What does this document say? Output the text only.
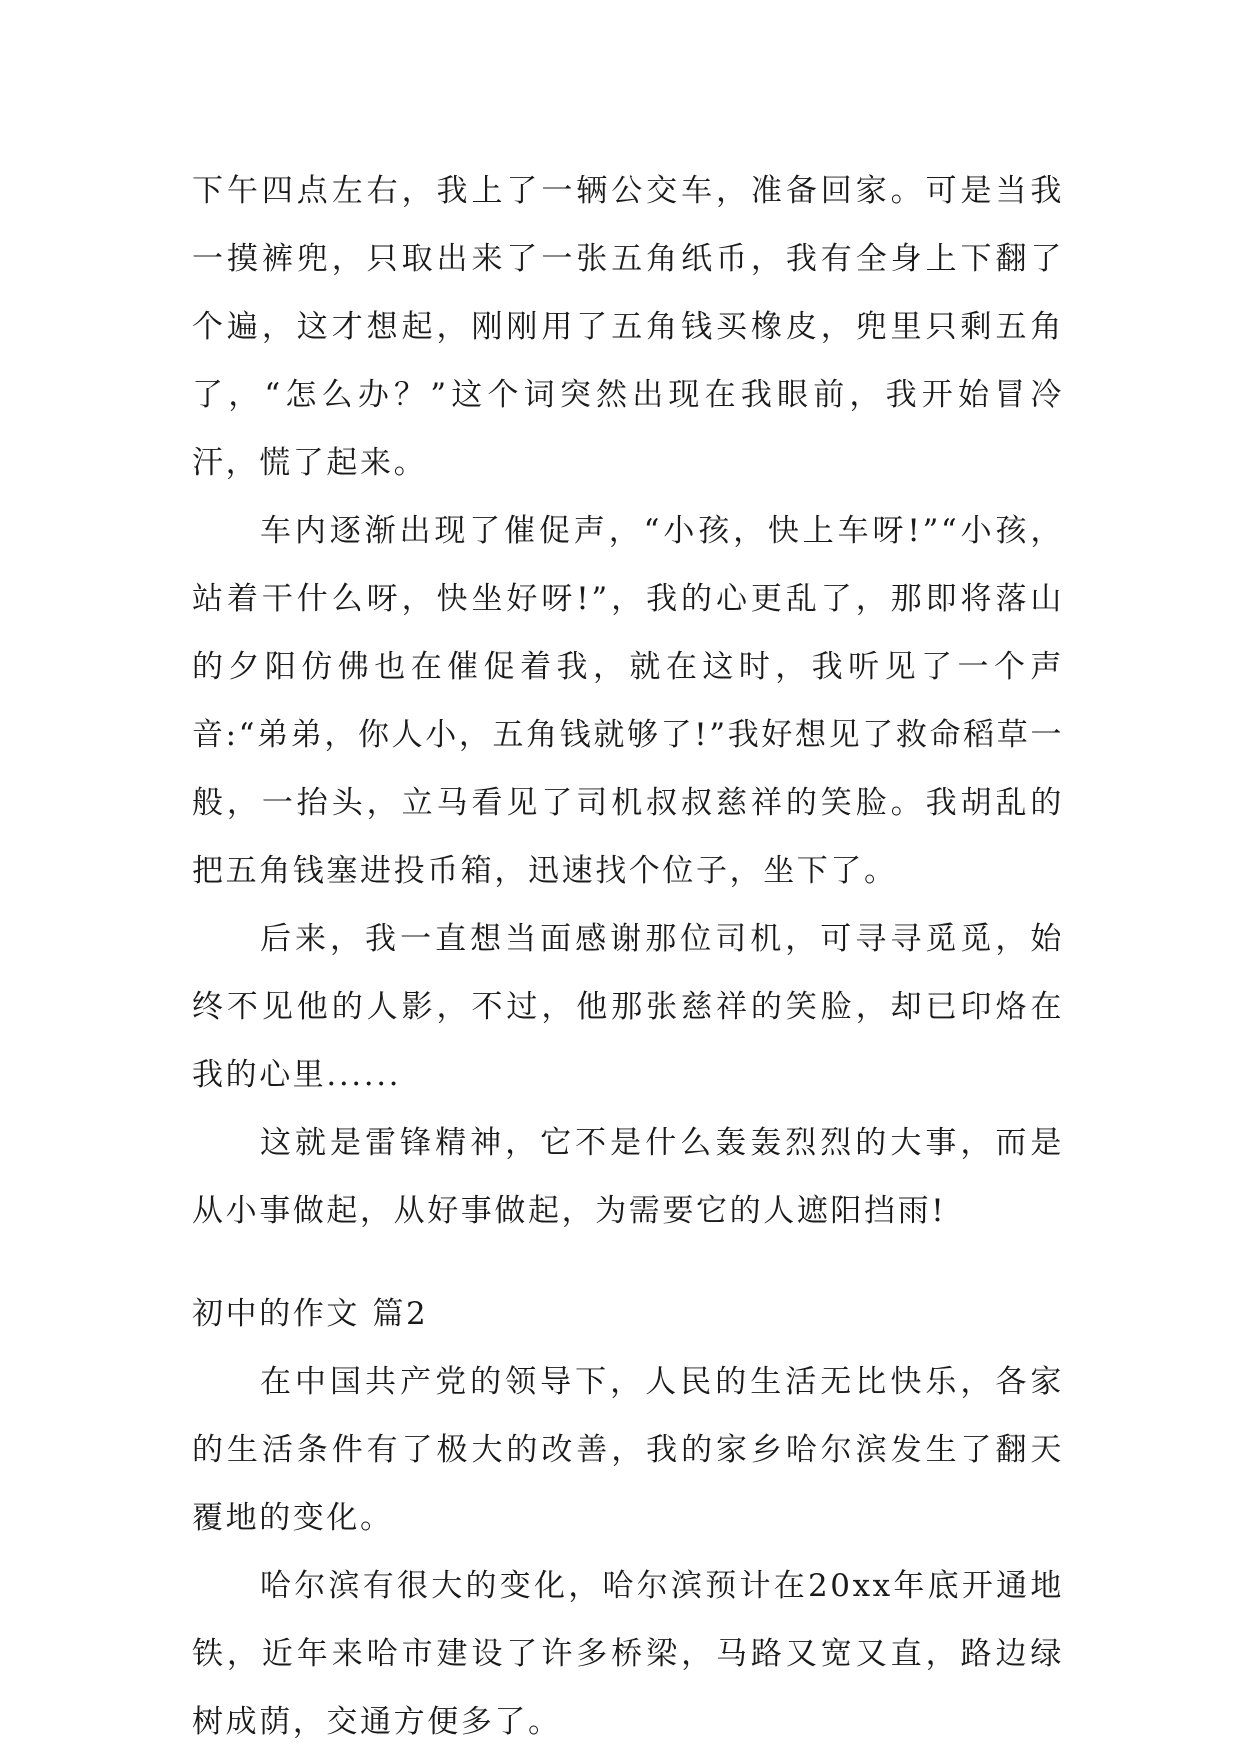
下午四点左右，我上了一辆公交车，准备回家。可是当我一摸裤兜，只取出来了一张五角纸币，我有全身上下翻了个遍，这才想起，刚刚用了五角钱买橡皮，兜里只剩五角了，“怎么办？”这个词突然出现在我眼前，我开始冒冷汗，慌了起来。

车内逐渐出现了催促声，“小孩，快上车呀!”“小孩，站着干什么呀，快坐好呀!”，我的心更乱了，那即将落山的夕阳仿佛也在催促着我，就在这时，我听见了一个声音:“弟弟，你人小，五角钱就够了!”我好想见了救命稻草一般，一抬头，立马看见了司机叔叔慈祥的笑脸。我胡乱的把五角钱塞进投币箱，迅速找个位子，坐下了。

后来，我一直想当面感谢那位司机，可寻寻觅觅，始终不见他的人影，不过，他那张慈祥的笑脸，却已印烙在我的心里......

这就是雷锋精神，它不是什么轰轰烈烈的大事，而是从小事做起，从好事做起，为需要它的人遮阳挡雨!

初中的作文 篇2

在中国共产党的领导下，人民的生活无比快乐，各家的生活条件有了极大的改善，我的家乡哈尔滨发生了翻天覆地的变化。

哈尔滨有很大的变化，哈尔滨预计在20xx年底开通地铁，近年来哈市建设了许多桥梁，马路又宽又直，路边绿树成荫，交通方便多了。
